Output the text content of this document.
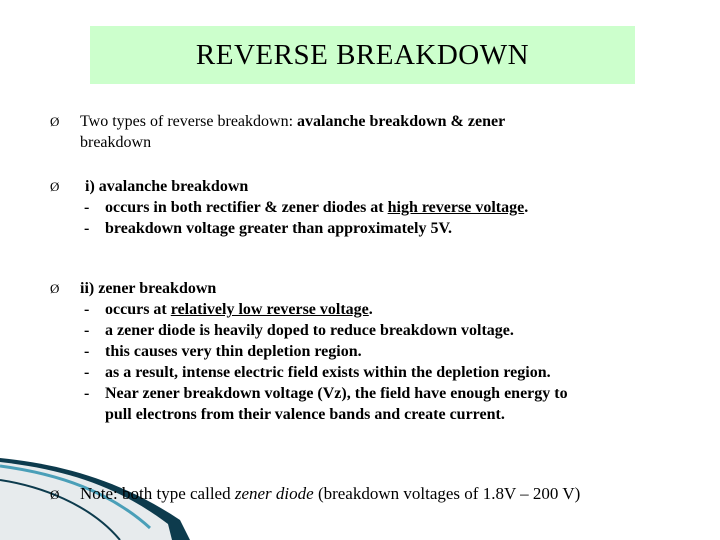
REVERSE BREAKDOWN
Ø Two types of reverse breakdown: avalanche breakdown & zener
breakdown
Ø	i) avalanche breakdown
- occurs in both rectifier & zener diodes at high reverse voltage.
- breakdown voltage greater than approximately 5V.
Ø ii) zener breakdown
- occurs at relatively low reverse voltage.
- a zener diode is heavily doped to reduce breakdown voltage.
- this causes very thin depletion region.
- as a result, intense electric field exists within the depletion region.
- Near zener breakdown voltage (Vz), the field have enough energy to
pull electrons from their valence bands and create current.
Ø Note: both type called zener diode (breakdown voltages of 1.8V – 200 V)
